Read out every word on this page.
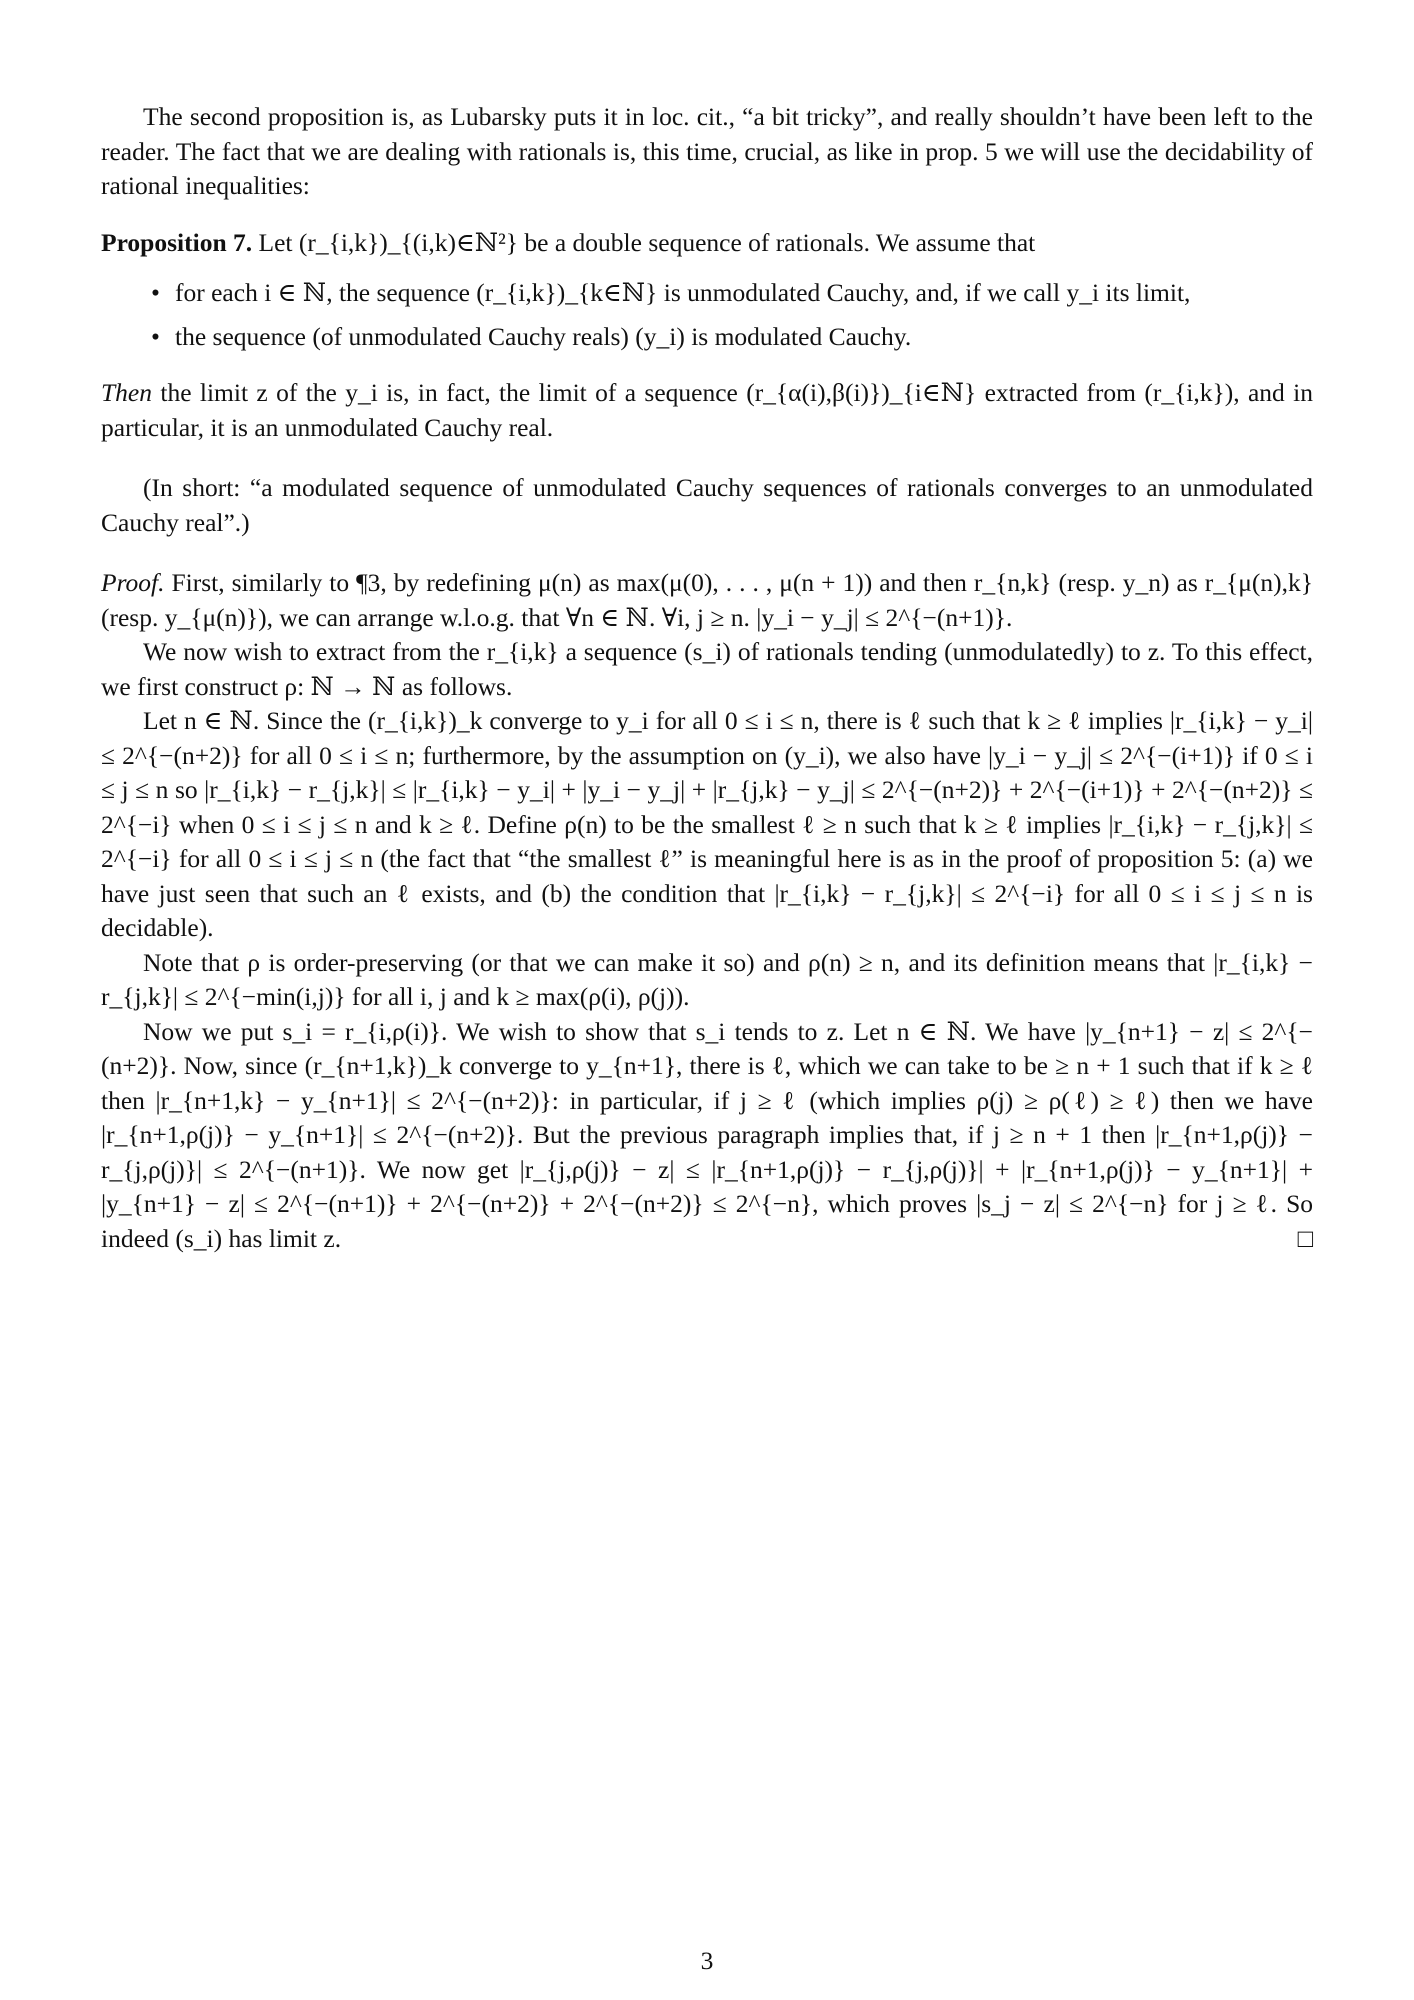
The second proposition is, as Lubarsky puts it in loc. cit., “a bit tricky”, and really shouldn’t have been left to the reader. The fact that we are dealing with rationals is, this time, crucial, as like in prop. 5 we will use the decidability of rational inequalities:

Proposition 7. Let (r_{i,k})_{(i,k)∈ℕ²} be a double sequence of rationals. We assume that

• for each i ∈ ℕ, the sequence (r_{i,k})_{k∈ℕ} is unmodulated Cauchy, and, if we call y_i its limit,
• the sequence (of unmodulated Cauchy reals) (y_i) is modulated Cauchy.

Then the limit z of the y_i is, in fact, the limit of a sequence (r_{α(i),β(i)})_{i∈ℕ} extracted from (r_{i,k}), and in particular, it is an unmodulated Cauchy real.

(In short: “a modulated sequence of unmodulated Cauchy sequences of rationals converges to an unmodulated Cauchy real”.)

Proof. First, similarly to ¶3, by redefining μ(n) as max(μ(0), . . . , μ(n + 1)) and then r_{n,k} (resp. y_n) as r_{μ(n),k} (resp. y_{μ(n)}), we can arrange w.l.o.g. that ∀n ∈ ℕ. ∀i, j ≥ n. |y_i − y_j| ≤ 2^{−(n+1)}.

We now wish to extract from the r_{i,k} a sequence (s_i) of rationals tending (unmodulatedly) to z. To this effect, we first construct ρ: ℕ → ℕ as follows.

Let n ∈ ℕ. Since the (r_{i,k})_k converge to y_i for all 0 ≤ i ≤ n, there is ℓ such that k ≥ ℓ implies |r_{i,k} − y_i| ≤ 2^{−(n+2)} for all 0 ≤ i ≤ n; furthermore, by the assumption on (y_i), we also have |y_i − y_j| ≤ 2^{−(i+1)} if 0 ≤ i ≤ j ≤ n so |r_{i,k} − r_{j,k}| ≤ |r_{i,k} − y_i| + |y_i − y_j| + |r_{j,k} − y_j| ≤ 2^{−(n+2)} + 2^{−(i+1)} + 2^{−(n+2)} ≤ 2^{−i} when 0 ≤ i ≤ j ≤ n and k ≥ ℓ. Define ρ(n) to be the smallest ℓ ≥ n such that k ≥ ℓ implies |r_{i,k} − r_{j,k}| ≤ 2^{−i} for all 0 ≤ i ≤ j ≤ n (the fact that “the smallest ℓ” is meaningful here is as in the proof of proposition 5: (a) we have just seen that such an ℓ exists, and (b) the condition that |r_{i,k} − r_{j,k}| ≤ 2^{−i} for all 0 ≤ i ≤ j ≤ n is decidable).

Note that ρ is order-preserving (or that we can make it so) and ρ(n) ≥ n, and its definition means that |r_{i,k} − r_{j,k}| ≤ 2^{−min(i,j)} for all i, j and k ≥ max(ρ(i), ρ(j)).

Now we put s_i = r_{i,ρ(i)}. We wish to show that s_i tends to z. Let n ∈ ℕ. We have |y_{n+1} − z| ≤ 2^{−(n+2)}. Now, since (r_{n+1,k})_k converge to y_{n+1}, there is ℓ, which we can take to be ≥ n + 1 such that if k ≥ ℓ then |r_{n+1,k} − y_{n+1}| ≤ 2^{−(n+2)}: in particular, if j ≥ ℓ (which implies ρ(j) ≥ ρ(ℓ) ≥ ℓ) then we have |r_{n+1,ρ(j)} − y_{n+1}| ≤ 2^{−(n+2)}. But the previous paragraph implies that, if j ≥ n + 1 then |r_{n+1,ρ(j)} − r_{j,ρ(j)}| ≤ 2^{−(n+1)}. We now get |r_{j,ρ(j)} − z| ≤ |r_{n+1,ρ(j)} − r_{j,ρ(j)}| + |r_{n+1,ρ(j)} − y_{n+1}| + |y_{n+1} − z| ≤ 2^{−(n+1)} + 2^{−(n+2)} + 2^{−(n+2)} ≤ 2^{−n}, which proves |s_j − z| ≤ 2^{−n} for j ≥ ℓ. So indeed (s_i) has limit z.	□

3
